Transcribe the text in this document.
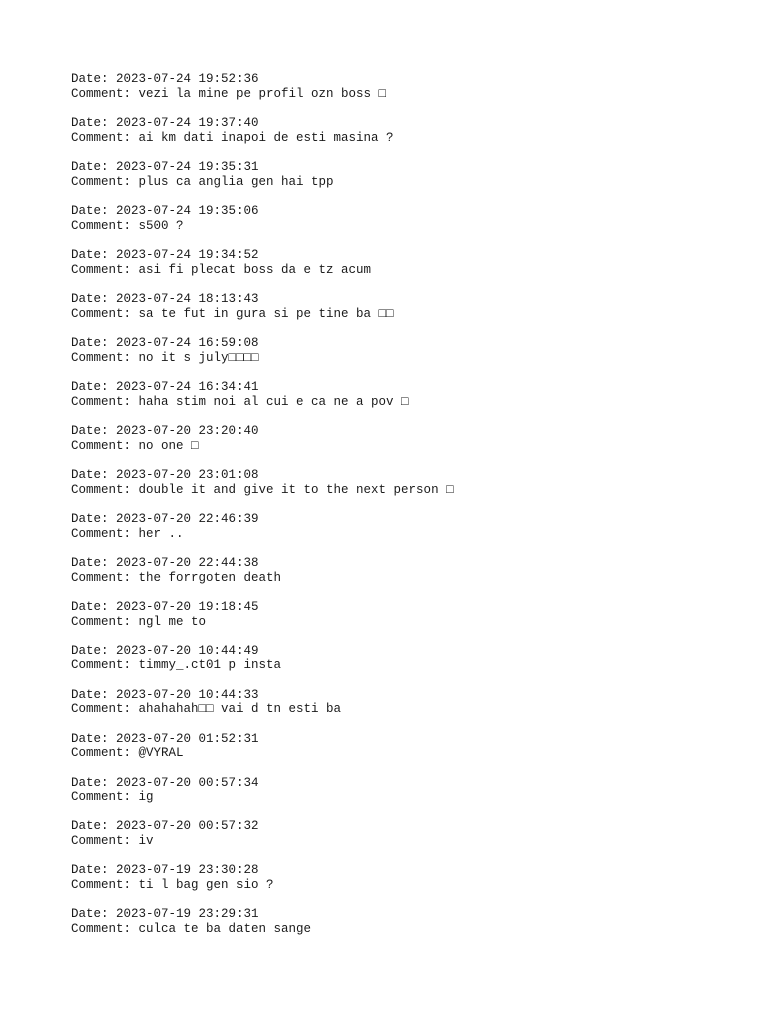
Date: 2023-07-24 19:52:36
Comment: vezi la mine pe profil ozn boss □
Date: 2023-07-24 19:37:40
Comment: ai km dati inapoi de esti masina ?
Date: 2023-07-24 19:35:31
Comment: plus ca anglia gen hai tpp
Date: 2023-07-24 19:35:06
Comment: s500 ?
Date: 2023-07-24 19:34:52
Comment: asi fi plecat boss da e tz acum
Date: 2023-07-24 18:13:43
Comment: sa te fut in gura si pe tine ba □□
Date: 2023-07-24 16:59:08
Comment: no it s july□□□□
Date: 2023-07-24 16:34:41
Comment: haha stim noi al cui e ca ne a pov □
Date: 2023-07-20 23:20:40
Comment: no one □
Date: 2023-07-20 23:01:08
Comment: double it and give it to the next person □
Date: 2023-07-20 22:46:39
Comment: her ..
Date: 2023-07-20 22:44:38
Comment: the forrgoten death
Date: 2023-07-20 19:18:45
Comment: ngl me to
Date: 2023-07-20 10:44:49
Comment: timmy_.ct01 p insta
Date: 2023-07-20 10:44:33
Comment: ahahahah□□ vai d tn esti ba
Date: 2023-07-20 01:52:31
Comment: @VYRAL
Date: 2023-07-20 00:57:34
Comment: ig
Date: 2023-07-20 00:57:32
Comment: iv
Date: 2023-07-19 23:30:28
Comment: ti l bag gen sio ?
Date: 2023-07-19 23:29:31
Comment: culca te ba daten sange
